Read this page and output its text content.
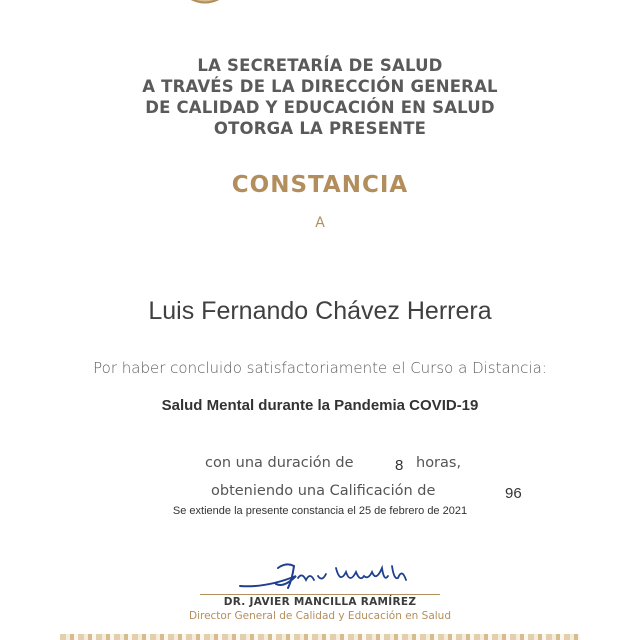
LA SECRETARÍA DE SALUD
A TRAVÉS DE LA DIRECCIÓN GENERAL
DE CALIDAD Y EDUCACIÓN EN SALUD
OTORGA LA PRESENTE
CONSTANCIA
A
Luis Fernando Chávez Herrera
Por haber concluido satisfactoriamente el Curso a Distancia:
Salud Mental durante la Pandemia COVID-19
con una duración de	8 horas,
obteniendo una Calificación de	96
Se extiende la presente constancia el 25 de febrero de 2021
DR. JAVIER MANCILLA RAMÍREZ
Director General de Calidad y Educación en Salud
